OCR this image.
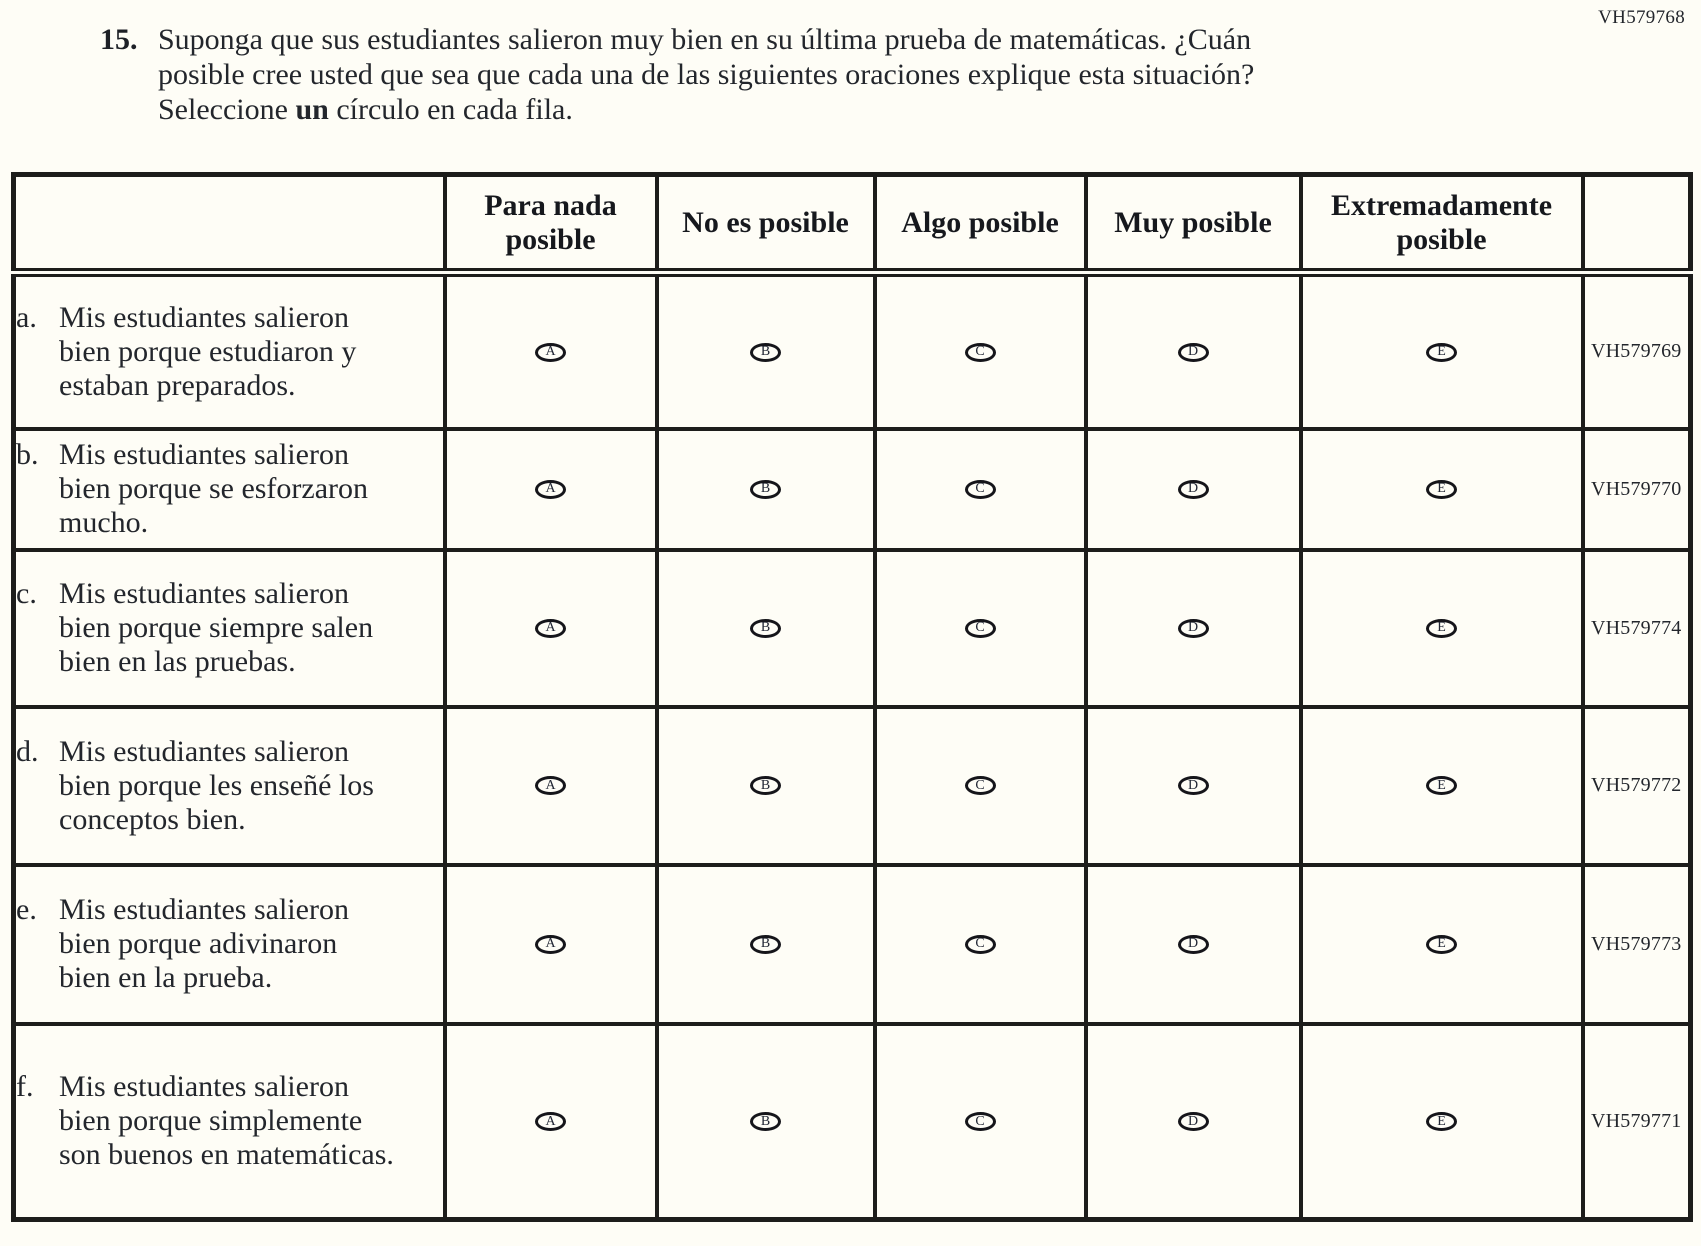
VH579768
15. Suponga que sus estudiantes salieron muy bien en su última prueba de matemáticas. ¿Cuán posible cree usted que sea que cada una de las siguientes oraciones explique esta situación? Seleccione un círculo en cada fila.
	Para nada posible	No es posible	Algo posible	Muy posible	Extremadamente posible	

a. Mis estudiantes salieron bien porque estudiaron y estaban preparados.	A	B	C	D	E	VH579769

b. Mis estudiantes salieron bien porque se esforzaron mucho.	A	B	C	D	E	VH579770

c. Mis estudiantes salieron bien porque siempre salen bien en las pruebas.	A	B	C	D	E	VH579774

d. Mis estudiantes salieron bien porque les enseñé los conceptos bien.	A	B	C	D	E	VH579772

e. Mis estudiantes salieron bien porque adivinaron bien en la prueba.	A	B	C	D	E	VH579773

f. Mis estudiantes salieron bien porque simplemente son buenos en matemáticas.	A	B	C	D	E	VH579771
